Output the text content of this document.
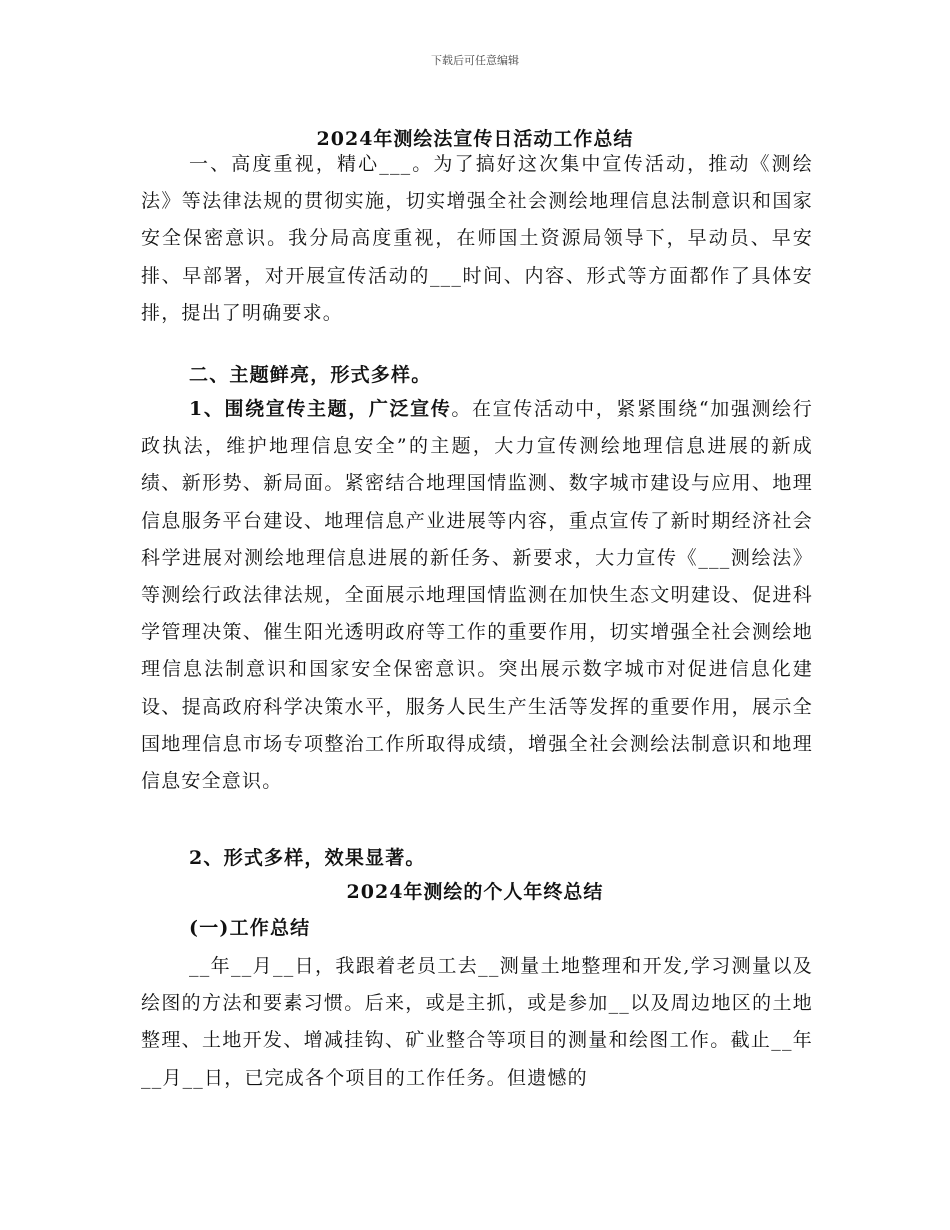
下载后可任意编辑
2024年测绘法宣传日活动工作总结

一、高度重视，精心___。为了搞好这次集中宣传活动，推动《测绘法》等法律法规的贯彻实施，切实增强全社会测绘地理信息法制意识和国家安全保密意识。我分局高度重视，在师国土资源局领导下，早动员、早安排、早部署，对开展宣传活动的___时间、内容、形式等方面都作了具体安排，提出了明确要求。

二、主题鲜亮，形式多样。

1、围绕宣传主题，广泛宣传。在宣传活动中，紧紧围绕“加强测绘行政执法，维护地理信息安全”的主题，大力宣传测绘地理信息进展的新成绩、新形势、新局面。紧密结合地理国情监测、数字城市建设与应用、地理信息服务平台建设、地理信息产业进展等内容，重点宣传了新时期经济社会科学进展对测绘地理信息进展的新任务、新要求，大力宣传《___测绘法》等测绘行政法律法规，全面展示地理国情监测在加快生态文明建设、促进科学管理决策、催生阳光透明政府等工作的重要作用，切实增强全社会测绘地理信息法制意识和国家安全保密意识。突出展示数字城市对促进信息化建设、提高政府科学决策水平，服务人民生产生活等发挥的重要作用，展示全国地理信息市场专项整治工作所取得成绩，增强全社会测绘法制意识和地理信息安全意识。

2、形式多样，效果显著。

2024年测绘的个人年终总结

(一)工作总结

__年__月__日，我跟着老员工去__测量土地整理和开发,学习测量以及绘图的方法和要素习惯。后来，或是主抓，或是参加__以及周边地区的土地整理、土地开发、增减挂钩、矿业整合等项目的测量和绘图工作。截止__年__月__日，已完成各个项目的工作任务。但遗憾的
